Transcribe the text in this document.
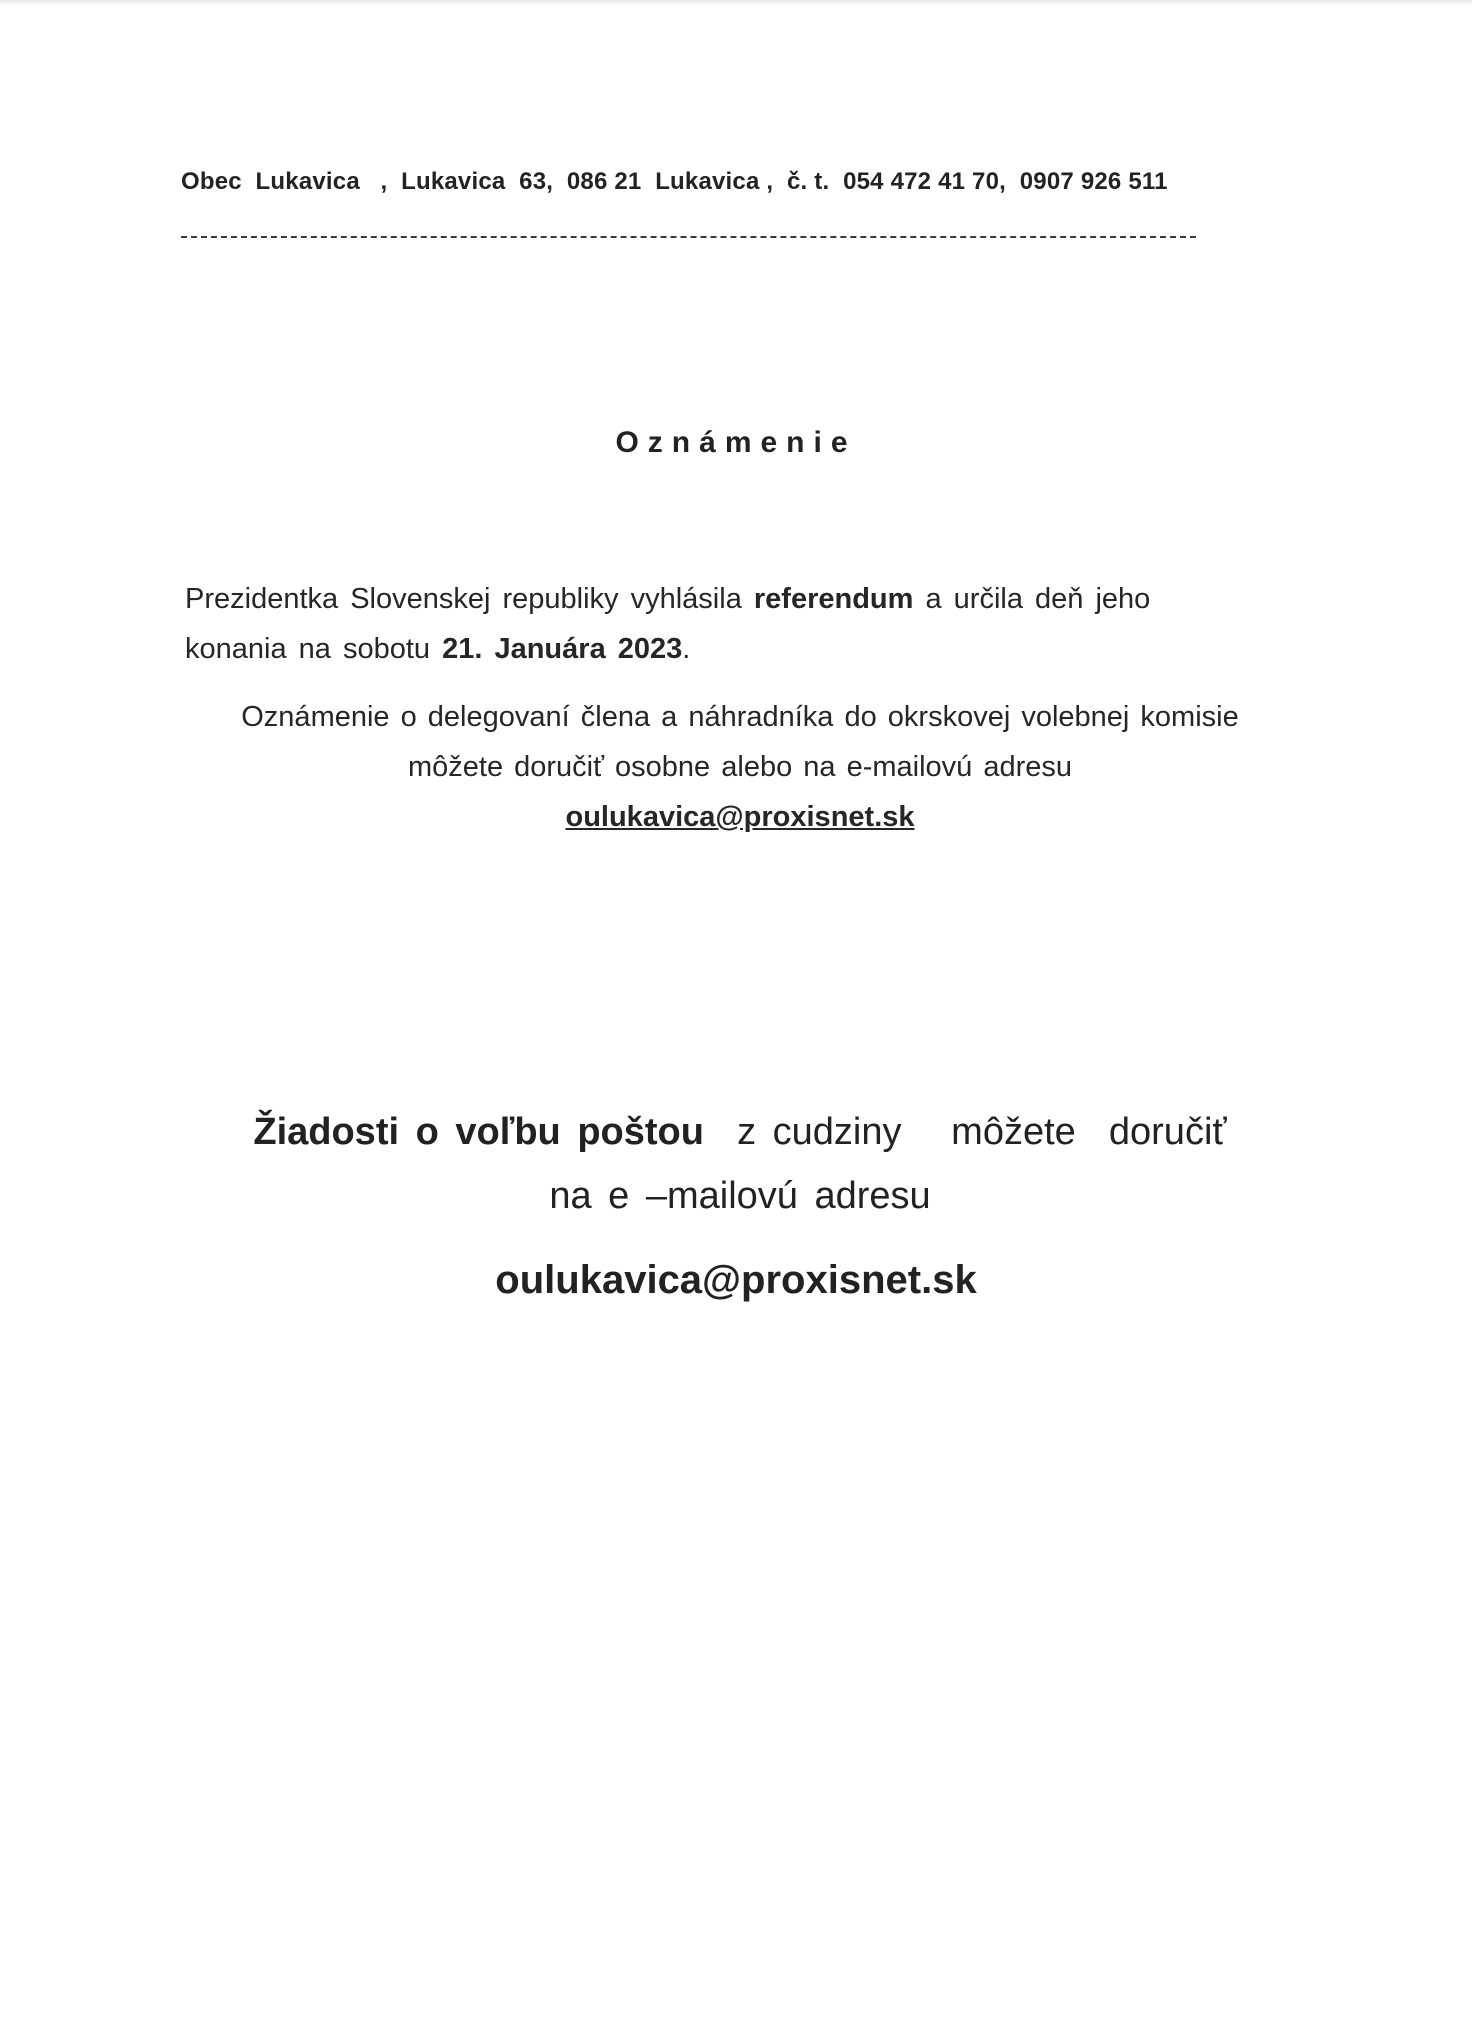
Obec  Lukavica   ,  Lukavica  63,  086 21  Lukavica ,  č. t.  054 472 41 70,  0907 926 511
Oznámenie
Prezidentka Slovenskej republiky vyhlásila referendum a určila deň jeho konania na sobotu 21. Januára 2023.
Oznámenie o delegovaní člena a náhradníka do okrskovej volebnej komisie
môžete doručiť osobne alebo na e-mailovú adresu
oulukavica@proxisnet.sk
Žiadosti o voľbu poštou  z cudziny   môžete  doručiť
na e –mailovú adresu
oulukavica@proxisnet.sk
